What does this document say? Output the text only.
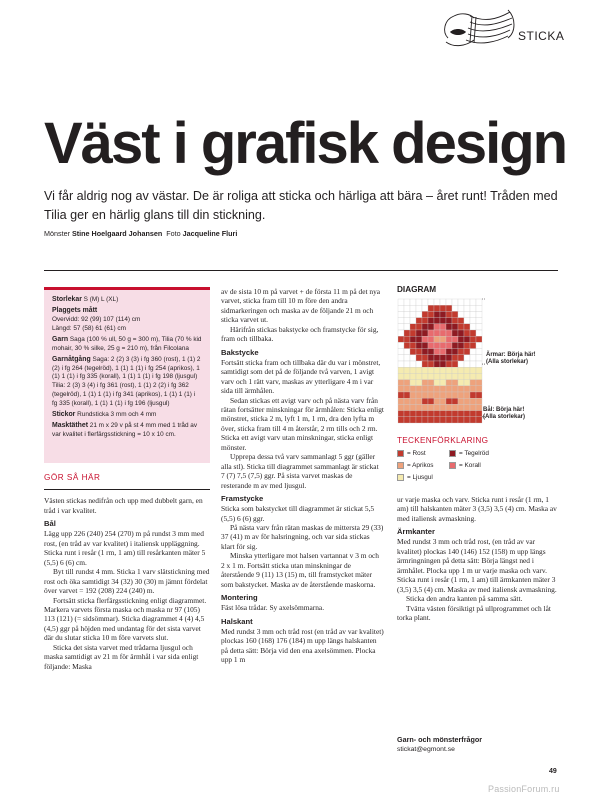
STICKA
Väst i grafisk design

Vi får aldrig nog av västar. De är roliga att sticka och härliga att bära – året runt! Tråden med Tilia ger en härlig glans till din stickning.

Mönster Stine Hoelgaard Johansen Foto Jacqueline Fluri
Storlekar S (M) L (XL)
Plaggets mått
Overvidd: 92 (99) 107 (114) cm
Längd: 57 (58) 61 (61) cm
Garn Saga (100 % ull, 50 g = 300 m), Tilia (70 % kid mohair, 30 % silke, 25 g = 210 m), från Filcolana
Garnåtgång Saga: 2 (2) 3 (3) i fg 360 (rost), 1 (1) 2 (2) i fg 264 (tegelröd), 1 (1) 1 (1) i fg 254 (aprikos), 1 (1) 1 (1) i fg 335 (korall), 1 (1) 1 (1) i fg 198 (ljusgul)
Tilia: 2 (3) 3 (4) i fg 361 (rost), 1 (1) 2 (2) i fg 362 (tegelröd), 1 (1) 1 (1) i fg 341 (aprikos), 1 (1) 1 (1) i fg 335 (korall), 1 (1) 1 (1) i fg 196 (ljusgul)
Stickor Rundsticka 3 mm och 4 mm
Masktäthet 21 m x 29 v på st 4 mm med 1 tråd av var kvalitet i flerfärgsstickning = 10 x 10 cm.
GÖR SÅ HÄR

Västen stickas nedifrån och upp med dubbelt garn, en tråd i var kvalitet.

Bål

Lägg upp 226 (240) 254 (270) m på rundst 3 mm med rost, (en tråd av var kvalitet) i italiensk uppläggning. Sticka runt i resår (1 rm, 1 am) till resårkanten mäter 5 (5,5) 6 (6) cm.

Byt till rundst 4 mm. Sticka 1 varv slätstickning med rost och öka samtidigt 34 (32) 30 (30) m jämnt fördelat över varvet = 192 (208) 224 (240) m.

Fortsätt sticka flerfärgsstickning enligt diagrammet. Markera varvets första maska och maska nr 97 (105) 113 (121) (= sidsömmar). Sticka diagrammet 4 (4) 4,5 (4,5) ggr på höjden med undantag för det sista varvet där du slutar sticka 10 m före varvets slut.

Sticka det sista varvet med trådarna ljusgul och maska samtidigt av 21 m för ärmhål i var sida enligt följande: Maska

av de sista 10 m på varvet + de första 11 m på det nya varvet, sticka fram till 10 m före den andra sidmarkeringen och maska av de följande 21 m och sticka varvet ut.

Härifrån stickas bakstycke och framstycke för sig, fram och tillbaka.

Bakstycke

Fortsätt sticka fram och tillbaka där du var i mönstret, samtidigt som det på de följande två varven, 1 avigt varv och 1 rätt varv, maskas av ytterligare 4 m i var sida till ärmhålen.

Sedan stickas ett avigt varv och på nästa varv från rätan fortsätter minskningar för ärmhålen: Sticka enligt mönstret, sticka 2 m, lyft 1 m, 1 rm, dra den lyfta m över, sticka fram till 4 m återstår, 2 rm tills och 2 rm. Sticka ett avigt varv utan minskningar, sticka enligt mönster.

Upprepa dessa två varv sammanlagt 5 ggr (gäller alla stl). Sticka till diagrammet sammanlagt är stickat 7 (7) 7,5 (7,5) ggr. På sista varvet maskas de resterande m av med ljusgul.

Framstycke

Sticka som bakstycket till diagrammet är stickat 5,5 (5,5) 6 (6) ggr.

På nästa varv från rätan maskas de mittersta 29 (33) 37 (41) m av för halsringning, och var sida stickas klart för sig.

Minska ytterligare mot halsen vartannat v 3 m och 2 x 1 m. Fortsätt sticka utan minskningar de återstående 9 (11) 13 (15) m, till framstycket mäter som bakstycket. Maska av de återstående maskorna.

Montering

Fäst lösa trådar. Sy axelsömmarna.

Halskant

Med rundst 3 mm och tråd rost (en tråd av var kvalitet) plockas 160 (168) 176 (184) m upp längs halskanten på detta sätt: Börja vid den ena axelsömmen. Plocka upp 1 m

DIAGRAM
Ärmar: Börja här!
(Alla storlekar)
Bål: Börja här!
(Alla storlekar)
TECKENFÖRKLARING
= Rost	= Tegelröd
= Aprikos	= Korall
= Ljusgul

ur varje maska och varv. Sticka runt i resår (1 rm, 1 am) till halskanten mäter 3 (3,5) 3,5 (4) cm. Maska av med italiensk avmaskning.

Ärmkanter

Med rundst 3 mm och tråd rost, (en tråd av var kvalitet) plockas 140 (146) 152 (158) m upp längs ärmringningen på detta sätt: Börja längst ned i ärmhålet. Plocka upp 1 m ur varje maska och varv. Sticka runt i resår (1 rm, 1 am) till ärmkanten mäter 3 (3,5) 3,5 (4) cm. Maska av med italiensk avmaskning.

Sticka den andra kanten på samma sätt.

Tvätta västen försiktigt på ullprogrammet och låt torka plant.

Garn- och mönsterfrågor
stickat@egmont.se
49
PassionForum.ru
